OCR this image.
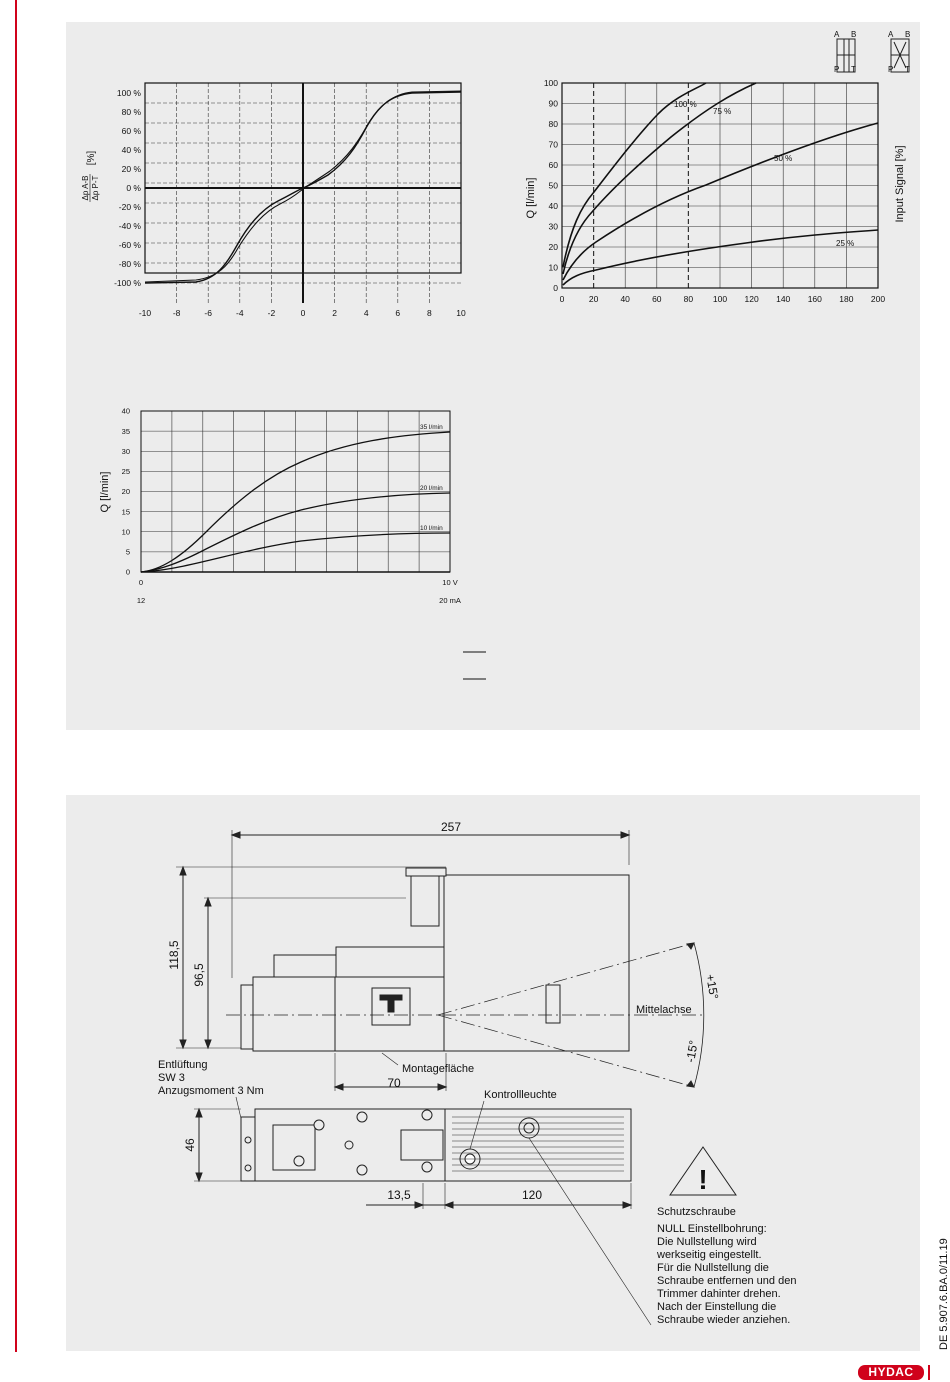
A B
P T
A B
P T
100 %
80 %
60 %
40 %
20 %
0 %
-20 %
-40 %
-60 %
-80 %
-100 %
-10	-8	-6	-4	-2	0	2	4	6	8	10
Δp A-B Δp P-T
[%]
100
90
80
70
60
50
40
30
20
10
0
0	20	40	60	80 100 120 140 160 180 200
100 %
75 %
50 %
25 %
Q [l/min]	Input Signal [%]
40
35
30
25
20
15
10
5
0
35 l/min
20 l/min
10 l/min
0	10 V
12	20 mA
Q [l/min]
257
118,5
96,5	+15°
-15°
Mittelachse
70
Montagefläche
Entlüftung
SW 3
Anzugsmoment 3 Nm	Kontrollleuchte
46
13,5	120	!
Schutzschraube
NULL Einstellbohrung:
Die Nullstellung wird
werkseitig eingestellt.
Für die Nullstellung die
Schraube entfernen und den
Trimmer dahinter drehen.
Nach der Einstellung die
Schraube wieder anziehen.	DE 5.907.6.BA.0/11.19
HYDAC
